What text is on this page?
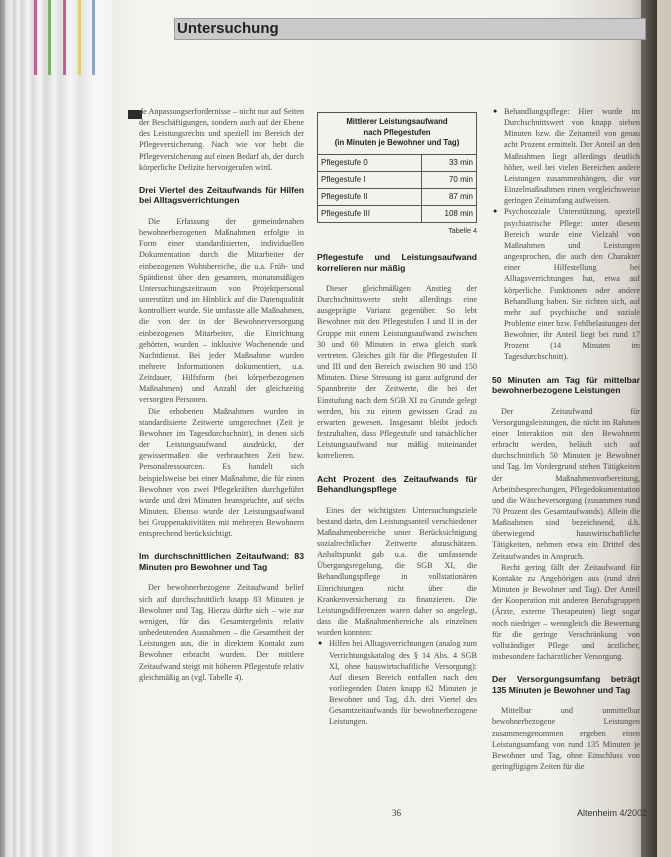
Untersuchung

de Anpassungserfordernisse – nicht nur auf Seiten der Beschäftigungen, sondern auch auf der Ebene des Leistungsrechts und speziell im Bereich der Pflegeversicherung. Nach wie vor hebt die Pflegeversicherung auf einen Bedarf ab, der durch körperliche Defizite hervorgerufen wird.

Drei Viertel des Zeitaufwands für Hilfen bei Alltagsverrichtungen

Die Erfassung der gemeindenahen bewohnerbezogenen Maßnahmen erfolgte in Form einer standardisierten, individuellen Dokumentation durch die Mitarbeiter der einbezogenen Wohnbereiche, die u.a. Früh- und Spätdienst über den gesamten, monatsmäßigen Untersuchungszeitraum von Projektpersonal unterstützt und im Hinblick auf die Datenqualität kontrolliert wurde. Sie umfasste alle Maßnahmen, die von der in der Bewohnerversorgung einbezogenen Mitarbeiter, die Einrichtung gehörten, wurden – inklusive Wochenende und Nachtdienst. Bei jeder Maßnahme wurden mehrere Informationen dokumentiert, u.a. Zeitdauer, Hilfsform (bei körperbezogenen Maßnahmen) und Anzahl der gleichzeitig versorgten Personen.

Die erhobenen Maßnahmen wurden in standardisierte Zeitwerte umgerechnet (Zeit je Bewohner im Tagesdurchschnitt), in denen sich der Leistungsaufwand ausdrückt, der gewissermaßen die verbrauchten Zeit bzw. Personalressourcen. Es handelt sich beispielsweise bei einer Maßnahme, die für einen Bewohner von zwei Pflegekräften durchgeführt wurde und drei Minuten beanspruchte, auf sechs Minuten. Ebenso wurde der Leistungsaufwand bei Gruppenaktivitäten mit mehreren Bewohnern entsprechend berücksichtigt.

Im durchschnittlichen Zeitaufwand: 83 Minuten pro Bewohner und Tag

Der bewohnerbezogene Zeitaufwand belief sich auf durchschnittlich knapp 83 Minuten je Bewohner und Tag. Hierzu dürfte sich – wie zur wenigen, für das Gesamtergebnis relativ unbedeutenden Ausnahmen – die Gesamtheit der Leistungen aus, die in direktem Kontakt zum Bewohner erbracht wurden. Der mittlere Zeitaufwand steigt mit höheren Pflegestufe relativ gleichmäßig an (vgl. Tabelle 4).

Mittlerer Leistungsaufwand
nach Pflegestufen
(in Minuten je Bewohner und Tag)
Pflegestufe 0	33 min
Pflegestufe I	70 min
Pflegestufe II	87 min
Pflegestufe III	108 min
Tabelle 4
Pflegestufe und Leistungsaufwand korrelieren nur mäßig

Dieser gleichmäßigen Anstieg der Durchschnittswerte steht allerdings eine ausgeprägte Varianz gegenüber. So lebt Bewohner mit den Pflegestufen I und II in der Gruppe mit einem Leistungsaufwand zwischen 30 und 60 Minuten in etwa gleich stark vertreten. Gleiches gilt für die Pflegestufen II und III und den Bereich zwischen 90 und 150 Minuten. Diese Streuung ist ganz aufgrund der Spannbreite der Zeitwerte, die bei der Einstufung nach dem SGB XI zu Grunde gelegt werden, bis zu einem gewissen Grad zu erwarten gewesen. Insgesamt bleibt jedoch festzuhalten, dass Pflegestufe und tatsächlicher Leistungsaufwand nur mäßig miteinander korrelieren.

Acht Prozent des Zeitaufwands für Behandlungspflege

Eines der wichtigsten Untersuchungsziele bestand darin, den Leistungsanteil verschiedener Maßnahmenbereiche unter Berücksichtigung sozialrechtlicher Zeitwerte abzuschätzen. Anhaltspunkt gab u.a. die umfassende Übergangsregelung, die SGB XI, die Behandlungspflege in vollstationären Einrichtungen nicht über die Krankenversicherung zu finanzieren. Die Leistungsdifferenzen waren daher so angelegt, dass die Maßnahmenbereiche als einzelnen wurden konnten:

● Hilfen bei Alltagsverrichtungen (analog zum Verrichtungskatalog des § 14 Abs. 4 SGB XI, ohne hauswirtschaftliche Versorgung): Auf diesen Bereich entfallen nach den vorliegenden Daten knapp 62 Minuten je Bewohner und Tag, d.h. drei Viertel des Gesamtzeitaufwands für bewohnerbezogene Leistungen.
● Behandlungspflege: Hier wurde im Durchschnittswert von knapp sieben Minuten bzw. die Zeitanteil von genau acht Prozent ermittelt. Der Anteil an den Maßnahmen liegt allerdings deutlich höher, weil bei vielen Bereichen andere Leistungen zusammenhängen, die vor Einzelmaßnahmen einen vergleichsweise geringen Zeitumfang aufweisen.
● Psychosoziale Unterstützung, speziell psychiatrische Pflege: unter diesem Bereich wurde eine Vielzahl von Maßnahmen und Leistungen angesprochen, die auch den Charakter einer Hilfestellung bei Alltagsverrichtungen hat, etwa auf körperliche Funktionen oder andere Behandlung haben. Sie richten sich, auf mehr auf psychische und soziale Probleme einer bzw. Fehlbelastungen der Bewohner, ihr Anteil liegt bei rund 17 Prozent (14 Minuten im Tagesdurchschnitt).
50 Minuten am Tag für mittelbar bewohnerbezogene Leistungen

Der Zeitaufwand für Versorgungsleistungen, die nicht im Rahmen einer Interaktion mit den Bewohnern erbracht werden, beläuft sich auf durchschnittlich 50 Minuten je Bewohner und Tag. Im Vordergrund stehen Tätigkeiten der Maßnahmenvorbereitung, Arbeitsbesprechungen, Pflegedokumentation und die Wäscheversorgung (zusammen rund 70 Prozent des Gesamtaufwands). Allein die Maßnahmen sind bezeichnend, d.h. überwiegend hauswirtschaftliche Tätigkeiten, nehmen etwa ein Drittel des Zeitaufwandes in Anspruch.

Recht gering fällt der Zeitaufwand für Kontakte zu Angehörigen aus (rund drei Minuten je Bewohner und Tag). Der Anteil der Kooperation mit anderen Berufsgruppen (Ärzte, externe Therapeuten) liegt sogar noch niedriger – wenngleich die Bewertung für die geringe Verschränkung von vollständiger Pflege und ärztlicher, insbesondere fachärztlicher Versorgung.

Der Versorgungsumfang beträgt 135 Minuten je Bewohner und Tag

Mittelbar und unmittelbar bewohnerbezogene Leistungen zusammengenommen ergeben einen Leistungsumfang von rund 135 Minuten je Bewohner und Tag, ohne Einschluss von geringfügigen Zeiten für die

36	Altenheim 4/2002
